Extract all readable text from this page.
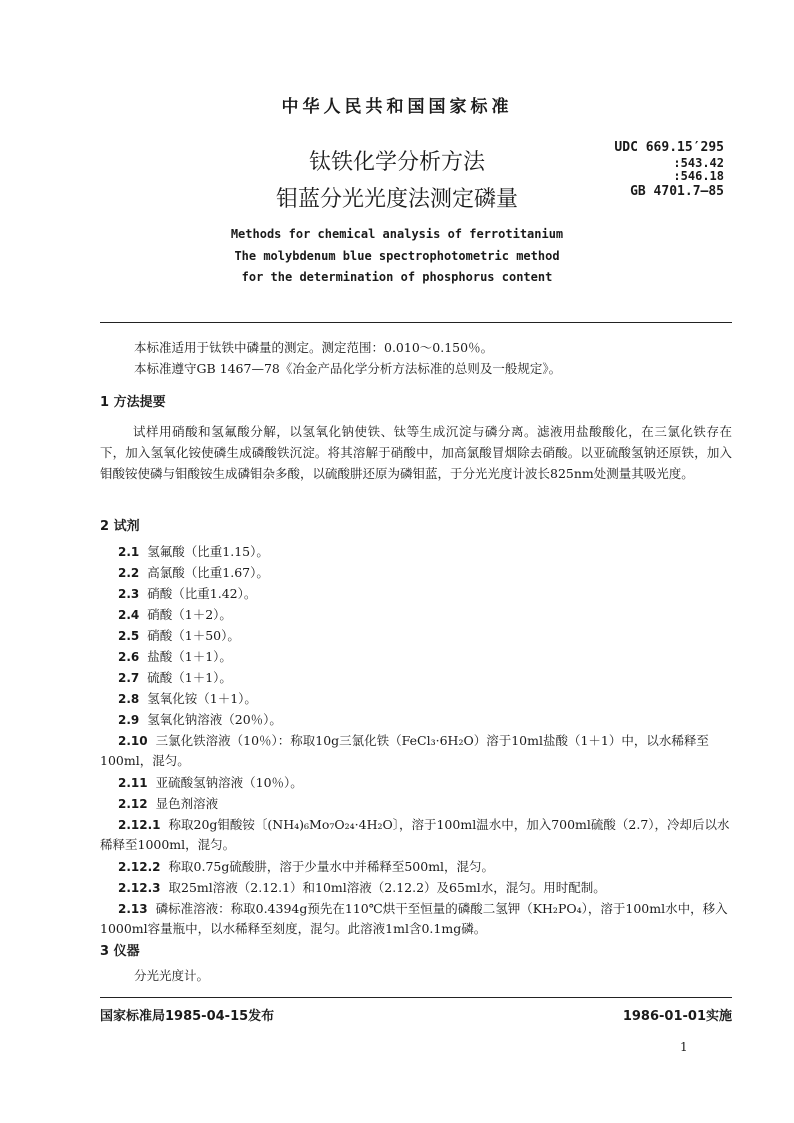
中华人民共和国国家标准
钛铁化学分析方法
钼蓝分光光度法测定磷量
UDC 669.15′295
:543.42
:546.18
GB 4701.7—85
Methods for chemical analysis of ferrotitanium
The molybdenum blue spectrophotometric method
for the determination of phosphorus content
本标准适用于钛铁中磷量的测定。测定范围：0.010～0.150％。
本标准遵守GB 1467—78《冶金产品化学分析方法标准的总则及一般规定》。
1 方法提要
试样用硝酸和氢氟酸分解，以氢氧化钠使铁、钛等生成沉淀与磷分离。滤液用盐酸酸化，在三氯化铁存在下，加入氢氧化铵使磷生成磷酸铁沉淀。将其溶解于硝酸中，加高氯酸冒烟除去硝酸。以亚硫酸氢钠还原铁，加入钼酸铵使磷与钼酸铵生成磷钼杂多酸，以硫酸肼还原为磷钼蓝，于分光光度计波长825nm处测量其吸光度。
2 试剂
2.1 氢氟酸（比重1.15）。
2.2 高氯酸（比重1.67）。
2.3 硝酸（比重1.42）。
2.4 硝酸（1＋2）。
2.5 硝酸（1＋50）。
2.6 盐酸（1＋1）。
2.7 硫酸（1＋1）。
2.8 氢氧化铵（1＋1）。
2.9 氢氧化钠溶液（20％）。
2.10 三氯化铁溶液（10％）：称取10g三氯化铁（FeCl₃·6H₂O）溶于10ml盐酸（1＋1）中，以水稀释至100ml，混匀。
2.11 亚硫酸氢钠溶液（10％）。
2.12 显色剂溶液
2.12.1 称取20g钼酸铵〔(NH₄)₆Mo₇O₂₄·4H₂O〕，溶于100ml温水中，加入700ml硫酸（2.7），冷却后以水稀释至1000ml，混匀。
2.12.2 称取0.75g硫酸肼，溶于少量水中并稀释至500ml，混匀。
2.12.3 取25ml溶液（2.12.1）和10ml溶液（2.12.2）及65ml水，混匀。用时配制。
2.13 磷标准溶液：称取0.4394g预先在110℃烘干至恒量的磷酸二氢钾（KH₂PO₄），溶于100ml水中，移入1000ml容量瓶中，以水稀释至刻度，混匀。此溶液1ml含0.1mg磷。
3 仪器
分光光度计。
国家标准局1985-04-15发布	1986-01-01实施
1
